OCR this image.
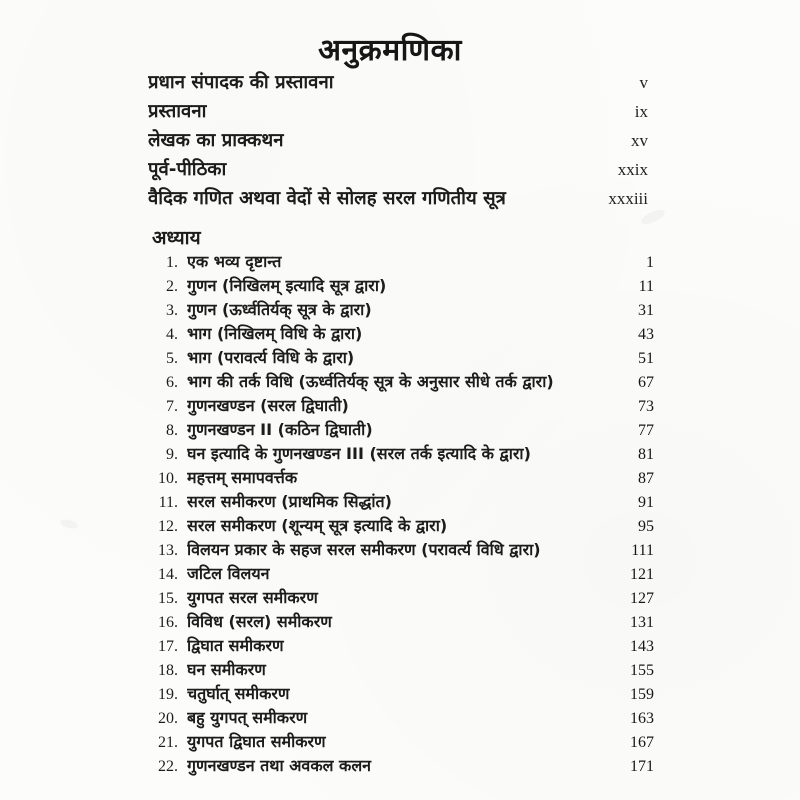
अनुक्रमणिका
प्रधान संपादक की प्रस्तावना	v
प्रस्तावना	ix
लेखक का प्राक्कथन	xv
पूर्व-पीठिका	xxix
वैदिक गणित अथवा वेदों से सोलह सरल गणितीय सूत्र	xxxiii
अध्याय
1. एक भव्य दृष्टान्त	1
2. गुणन (निखिलम् इत्यादि सूत्र द्वारा)	11
3. गुणन (ऊर्ध्वतिर्यक् सूत्र के द्वारा)	31
4. भाग (निखिलम् विधि के द्वारा)	43
5. भाग (परावर्त्य विधि के द्वारा)	51
6. भाग की तर्क विधि (ऊर्ध्वतिर्यक् सूत्र के अनुसार सीधे तर्क द्वारा)	67
7. गुणनखण्डन (सरल द्विघाती)	73
8. गुणनखण्डन II (कठिन द्विघाती)	77
9. घन इत्यादि के गुणनखण्डन III (सरल तर्क इत्यादि के द्वारा)	81
10. महत्तम् समापवर्त्तक	87
11. सरल समीकरण (प्राथमिक सिद्धांत)	91
12. सरल समीकरण (शून्यम् सूत्र इत्यादि के द्वारा)	95
13. विलयन प्रकार के सहज सरल समीकरण (परावर्त्य विधि द्वारा)	111
14. जटिल विलयन	121
15. युगपत सरल समीकरण	127
16. विविध (सरल) समीकरण	131
17. द्विघात समीकरण	143
18. घन समीकरण	155
19. चतुर्घात् समीकरण	159
20. बहु युगपत् समीकरण	163
21. युगपत द्विघात समीकरण	167
22. गुणनखण्डन तथा अवकल कलन	171
